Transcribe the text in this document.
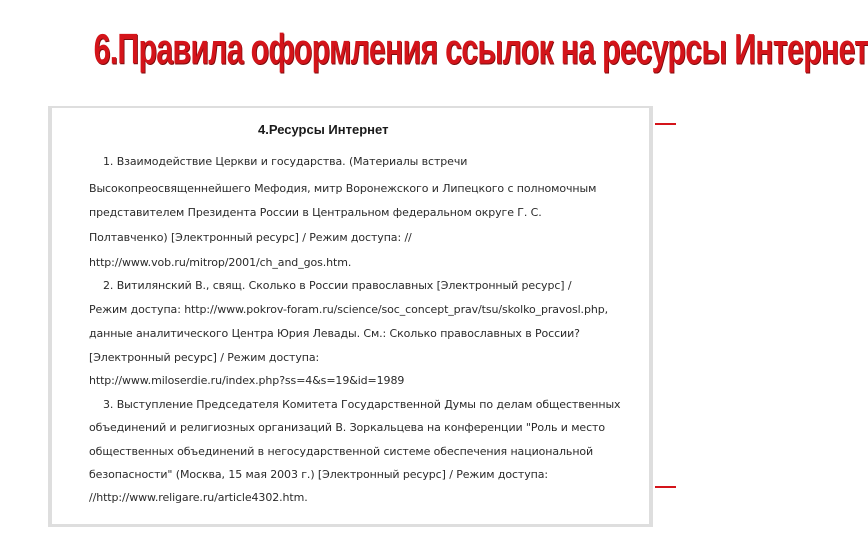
6.Правила оформления ссылок на ресурсы Интернет
4.Ресурсы Интернет
1. Взаимодействие Церкви и государства. (Материалы встречи
Высокопреосвященнейшего Мефодия, митр Воронежского и Липецкого с полномочным
представителем Президента России в Центральном федеральном округе Г. С.
Полтавченко) [Электронный ресурс] / Режим доступа: //
http://www.vob.ru/mitrop/2001/ch_and_gos.htm.
2. Витилянский В., свящ. Сколько в России православных [Электронный ресурс] /
Режим доступа: http://www.pokrov-foram.ru/science/soc_concept_prav/tsu/skolko_pravosl.php,
данные аналитического Центра Юрия Левады. См.: Сколько православных в России?
[Электронный ресурс] / Режим доступа:
http://www.miloserdie.ru/index.php?ss=4&s=19&id=1989
3. Выступление Председателя Комитета Государственной Думы по делам общественных
объединений и религиозных организаций В. Зоркальцева на конференции "Роль и место
общественных объединений в негосударственной системе обеспечения национальной
безопасности" (Москва, 15 мая 2003 г.) [Электронный ресурс] / Режим доступа:
//http://www.religare.ru/article4302.htm.
